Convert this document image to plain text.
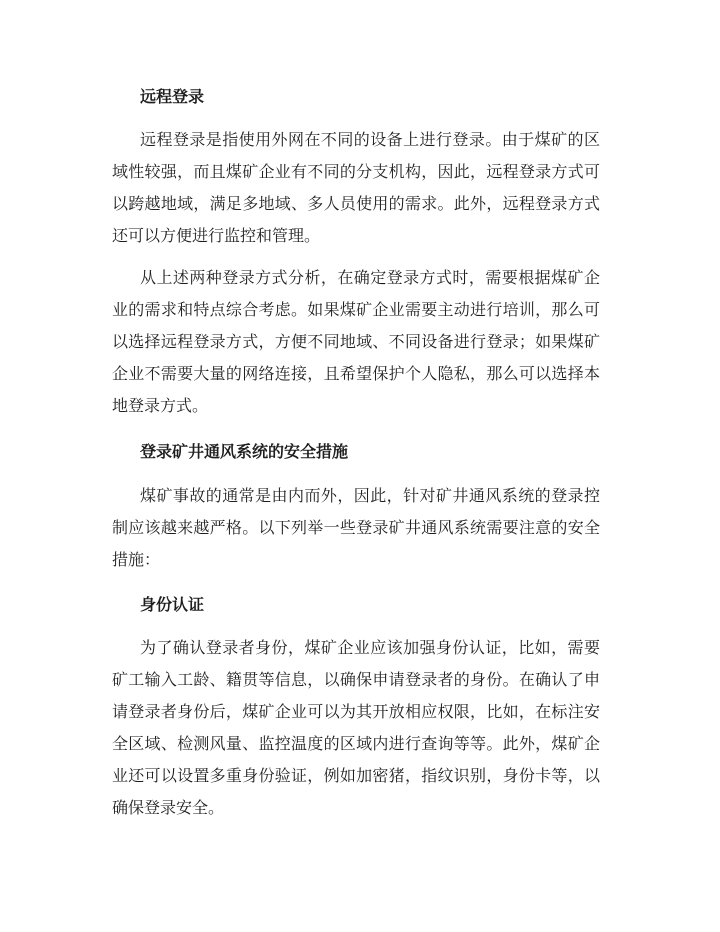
远程登录
远程登录是指使用外网在不同的设备上进行登录。由于煤矿的区
域性较强，而且煤矿企业有不同的分支机构，因此，远程登录方式可
以跨越地域，满足多地域、多人员使用的需求。此外，远程登录方式
还可以方便进行监控和管理。
从上述两种登录方式分析，在确定登录方式时，需要根据煤矿企
业的需求和特点综合考虑。如果煤矿企业需要主动进行培训，那么可
以选择远程登录方式，方便不同地域、不同设备进行登录；如果煤矿
企业不需要大量的网络连接，且希望保护个人隐私，那么可以选择本
地登录方式。
登录矿井通风系统的安全措施
煤矿事故的通常是由内而外，因此，针对矿井通风系统的登录控
制应该越来越严格。以下列举一些登录矿井通风系统需要注意的安全
措施：
身份认证
为了确认登录者身份，煤矿企业应该加强身份认证，比如，需要
矿工输入工龄、籍贯等信息，以确保申请登录者的身份。在确认了申
请登录者身份后，煤矿企业可以为其开放相应权限，比如，在标注安
全区域、检测风量、监控温度的区域内进行查询等等。此外，煤矿企
业还可以设置多重身份验证，例如加密猪，指纹识别，身份卡等，以
确保登录安全。
